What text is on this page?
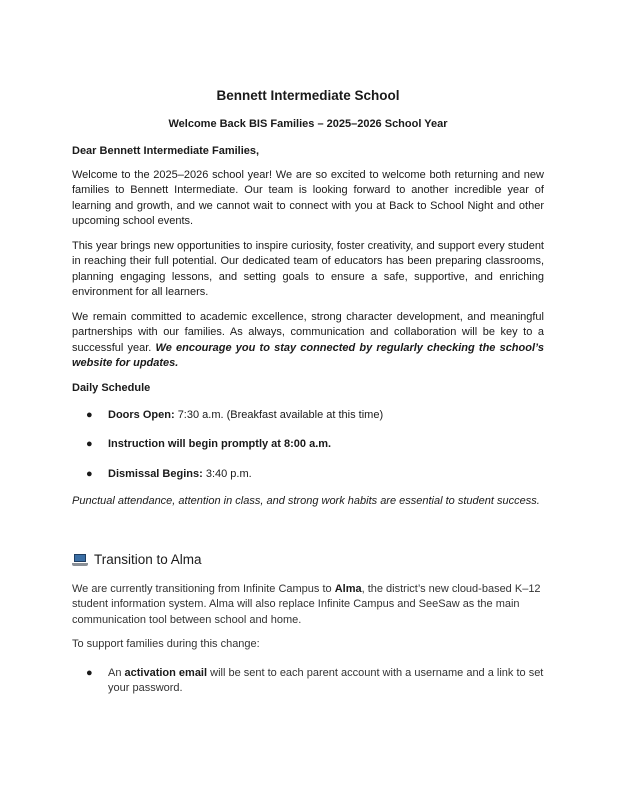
Bennett Intermediate School
Welcome Back BIS Families – 2025–2026 School Year
Dear Bennett Intermediate Families,

Welcome to the 2025–2026 school year! We are so excited to welcome both returning and new families to Bennett Intermediate. Our team is looking forward to another incredible year of learning and growth, and we cannot wait to connect with you at Back to School Night and other upcoming school events.

This year brings new opportunities to inspire curiosity, foster creativity, and support every student in reaching their full potential. Our dedicated team of educators has been preparing classrooms, planning engaging lessons, and setting goals to ensure a safe, supportive, and enriching environment for all learners.

We remain committed to academic excellence, strong character development, and meaningful partnerships with our families. As always, communication and collaboration will be key to a successful year. We encourage you to stay connected by regularly checking the school’s website for updates.

Daily Schedule
● Doors Open: 7:30 a.m. (Breakfast available at this time)
● Instruction will begin promptly at 8:00 a.m.
● Dismissal Begins: 3:40 p.m.
Punctual attendance, attention in class, and strong work habits are essential to student success.
Transition to Alma

We are currently transitioning from Infinite Campus to Alma, the district’s new cloud-based K–12 student information system. Alma will also replace Infinite Campus and SeeSaw as the main communication tool between school and home.

To support families during this change:

● An activation email will be sent to each parent account with a username and a link to set your password.
